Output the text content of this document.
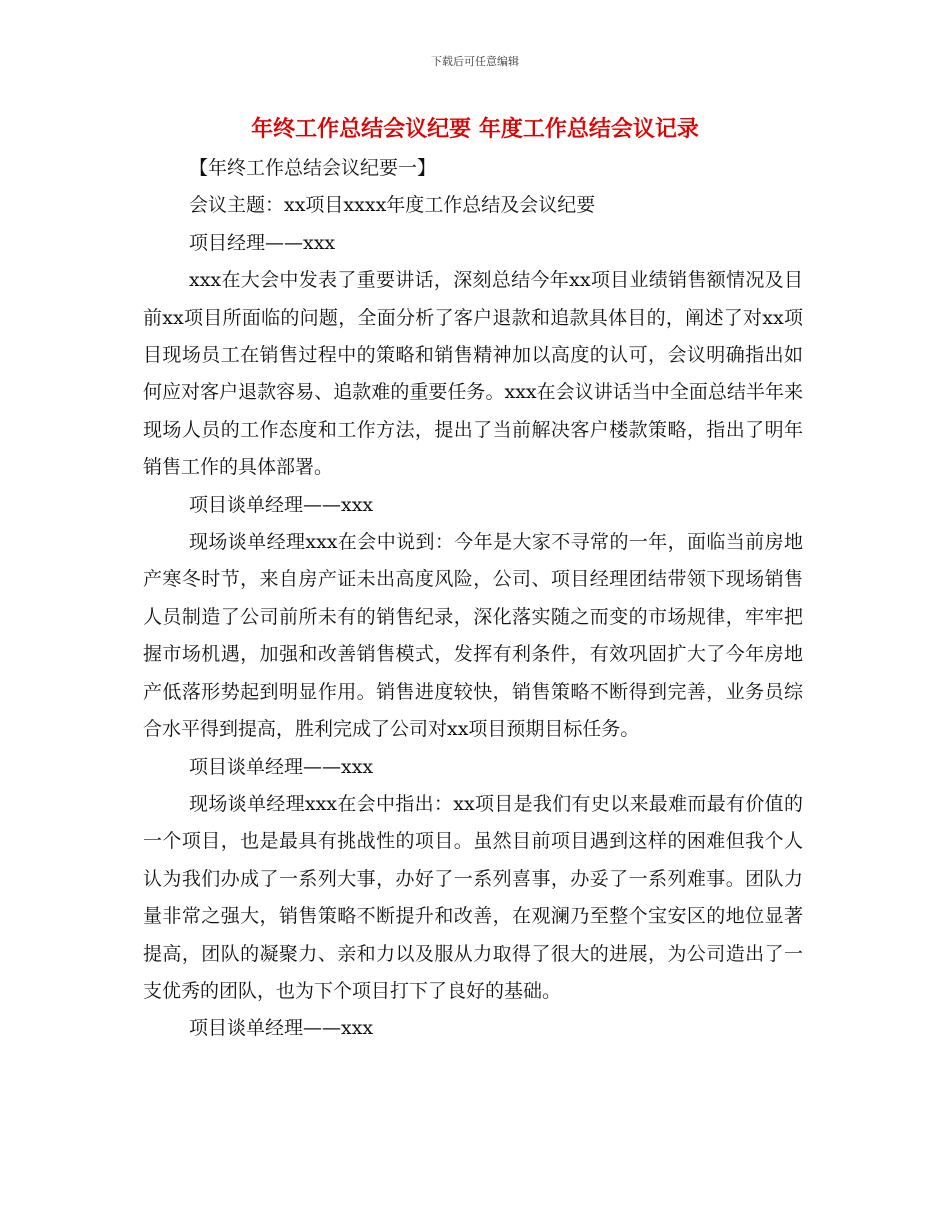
下载后可任意编辑
年终工作总结会议纪要 年度工作总结会议记录

【年终工作总结会议纪要一】

会议主题：xx项目xxxx年度工作总结及会议纪要

项目经理——xxx

xxx在大会中发表了重要讲话，深刻总结今年xx项目业绩销售额情况及目前xx项目所面临的问题，全面分析了客户退款和追款具体目的，阐述了对xx项目现场员工在销售过程中的策略和销售精神加以高度的认可，会议明确指出如何应对客户退款容易、追款难的重要任务。xxx在会议讲话当中全面总结半年来现场人员的工作态度和工作方法，提出了当前解决客户楼款策略，指出了明年销售工作的具体部署。

项目谈单经理——xxx

现场谈单经理xxx在会中说到：今年是大家不寻常的一年，面临当前房地产寒冬时节，来自房产证未出高度风险，公司、项目经理团结带领下现场销售人员制造了公司前所未有的销售纪录，深化落实随之而变的市场规律，牢牢把握市场机遇，加强和改善销售模式，发挥有利条件，有效巩固扩大了今年房地产低落形势起到明显作用。销售进度较快，销售策略不断得到完善，业务员综合水平得到提高，胜利完成了公司对xx项目预期目标任务。

项目谈单经理——xxx

现场谈单经理xxx在会中指出：xx项目是我们有史以来最难而最有价值的一个项目，也是最具有挑战性的项目。虽然目前项目遇到这样的困难但我个人认为我们办成了一系列大事，办好了一系列喜事，办妥了一系列难事。团队力量非常之强大，销售策略不断提升和改善，在观澜乃至整个宝安区的地位显著提高，团队的凝聚力、亲和力以及服从力取得了很大的进展，为公司造出了一支优秀的团队，也为下个项目打下了良好的基础。

项目谈单经理——xxx
